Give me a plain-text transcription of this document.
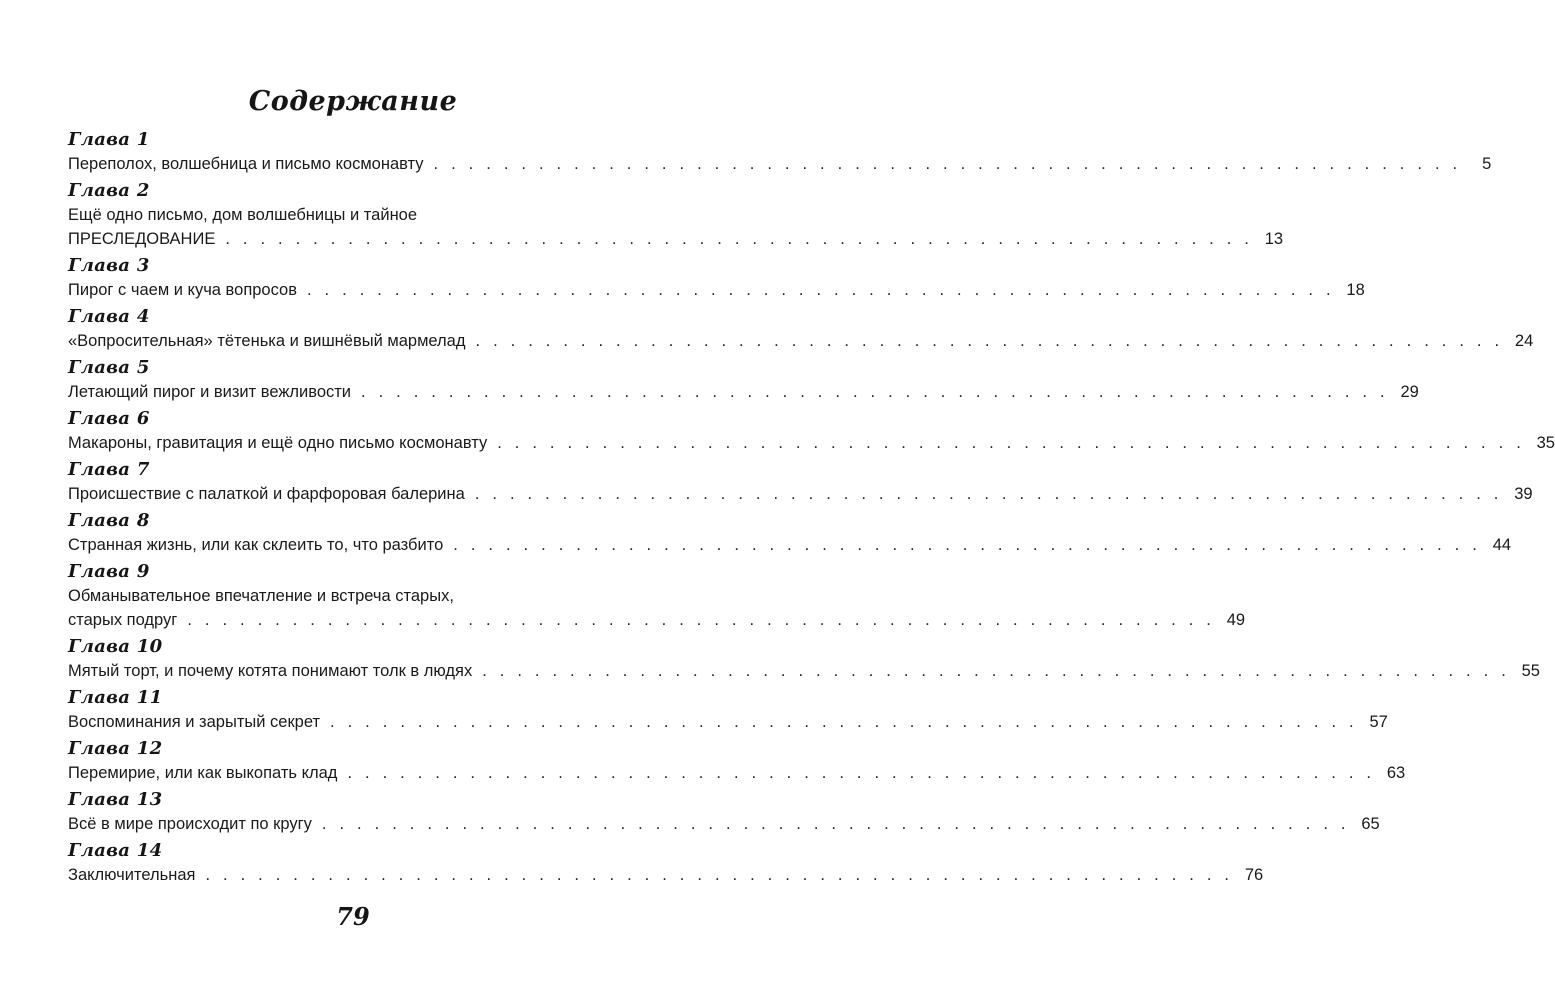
Содержание
Глава 1
Переполох, волшебница и письмо космонавту . . . . . . . . . . . . . . . . . . . . . . . . . . . . . . . . . . . . . . . . . . . . . . . . . . . . . . . . . . .	5
Глава 2
Ещё одно письмо, дом волшебницы и тайное
ПРЕСЛЕДОВАНИЕ . . . . . . . . . . . . . . . . . . . . . . . . . . . . . . . . . . . . . . . . . . . . . . . . . . . . . . . . . . . 13
Глава 3
Пирог с чаем и куча вопросов . . . . . . . . . . . . . . . . . . . . . . . . . . . . . . . . . . . . . . . . . . . . . . . . . . . . . . . . . . . 18
Глава 4
«Вопросительная» тётенька и вишнёвый мармелад . . . . . . . . . . . . . . . . . . . . . . . . . . . . . . . . . . . . . . . . . . . . . . . . . . . . . . . . . . . 24
Глава 5
Летающий пирог и визит вежливости . . . . . . . . . . . . . . . . . . . . . . . . . . . . . . . . . . . . . . . . . . . . . . . . . . . . . . . . . . . 29
Глава 6
Макароны, гравитация и ещё одно письмо космонавту . . . . . . . . . . . . . . . . . . . . . . . . . . . . . . . . . . . . . . . . . . . . . . . . . . . . . . . . . . . 35
Глава 7
Происшествие с палаткой и фарфоровая балерина . . . . . . . . . . . . . . . . . . . . . . . . . . . . . . . . . . . . . . . . . . . . . . . . . . . . . . . . . . . 39
Глава 8
Странная жизнь, или как склеить то, что разбито . . . . . . . . . . . . . . . . . . . . . . . . . . . . . . . . . . . . . . . . . . . . . . . . . . . . . . . . . . . 44
Глава 9
Обманывательное впечатление и встреча старых,
старых подруг . . . . . . . . . . . . . . . . . . . . . . . . . . . . . . . . . . . . . . . . . . . . . . . . . . . . . . . . . . . 49
Глава 10
Мятый торт, и почему котята понимают толк в людях . . . . . . . . . . . . . . . . . . . . . . . . . . . . . . . . . . . . . . . . . . . . . . . . . . . . . . . . . . . 55
Глава 11
Воспоминания и зарытый секрет . . . . . . . . . . . . . . . . . . . . . . . . . . . . . . . . . . . . . . . . . . . . . . . . . . . . . . . . . . . 57
Глава 12
Перемирие, или как выкопать клад . . . . . . . . . . . . . . . . . . . . . . . . . . . . . . . . . . . . . . . . . . . . . . . . . . . . . . . . . . . 63
Глава 13
Всё в мире происходит по кругу . . . . . . . . . . . . . . . . . . . . . . . . . . . . . . . . . . . . . . . . . . . . . . . . . . . . . . . . . . . 65
Глава 14
Заключительная . . . . . . . . . . . . . . . . . . . . . . . . . . . . . . . . . . . . . . . . . . . . . . . . . . . . . . . . . . . 76
79
